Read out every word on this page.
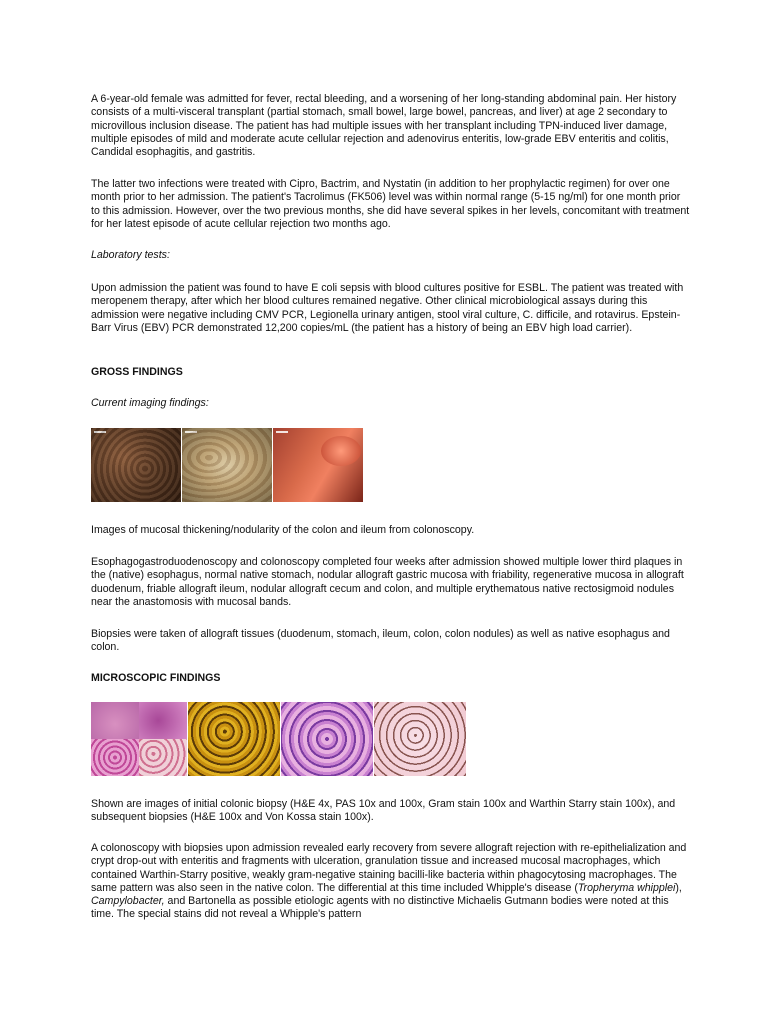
A 6-year-old female was admitted for fever, rectal bleeding, and a worsening of her long-standing abdominal pain. Her history consists of a multi-visceral transplant (partial stomach, small bowel, large bowel, pancreas, and liver) at age 2 secondary to microvillous inclusion disease. The patient has had multiple issues with her transplant including TPN-induced liver damage, multiple episodes of mild and moderate acute cellular rejection and adenovirus enteritis, low-grade EBV enteritis and colitis, Candidal esophagitis, and gastritis.

The latter two infections were treated with Cipro, Bactrim, and Nystatin (in addition to her prophylactic regimen) for over one month prior to her admission. The patient's Tacrolimus (FK506) level was within normal range (5-15 ng/ml) for one month prior to this admission. However, over the two previous months, she did have several spikes in her levels, concomitant with treatment for her latest episode of acute cellular rejection two months ago.

Laboratory tests:

Upon admission the patient was found to have E coli sepsis with blood cultures positive for ESBL. The patient was treated with meropenem therapy, after which her blood cultures remained negative. Other clinical microbiological assays during this admission were negative including CMV PCR, Legionella urinary antigen, stool viral culture, C. difficile, and rotavirus. Epstein-Barr Virus (EBV) PCR demonstrated 12,200 copies/mL (the patient has a history of being an EBV high load carrier).

GROSS FINDINGS

Current imaging findings:

Images of mucosal thickening/nodularity of the colon and ileum from colonoscopy.

Esophagogastroduodenoscopy and colonoscopy completed four weeks after admission showed multiple lower third plaques in the (native) esophagus, normal native stomach, nodular allograft gastric mucosa with friability, regenerative mucosa in allograft duodenum, friable allograft ileum, nodular allograft cecum and colon, and multiple erythematous native rectosigmoid nodules near the anastomosis with mucosal bands.

Biopsies were taken of allograft tissues (duodenum, stomach, ileum, colon, colon nodules) as well as native esophagus and colon.

MICROSCOPIC FINDINGS

Shown are images of initial colonic biopsy (H&E 4x, PAS 10x and 100x, Gram stain 100x and Warthin Starry stain 100x), and subsequent biopsies (H&E 100x and Von Kossa stain 100x).

A colonoscopy with biopsies upon admission revealed early recovery from severe allograft rejection with re-epithelialization and crypt drop-out with enteritis and fragments with ulceration, granulation tissue and increased mucosal macrophages, which contained Warthin-Starry positive, weakly gram-negative staining bacilli-like bacteria within phagocytosing macrophages. The same pattern was also seen in the native colon. The differential at this time included Whipple's disease (Tropheryma whipplei), Campylobacter, and Bartonella as possible etiologic agents with no distinctive Michaelis Gutmann bodies were noted at this time. The special stains did not reveal a Whipple's pattern
